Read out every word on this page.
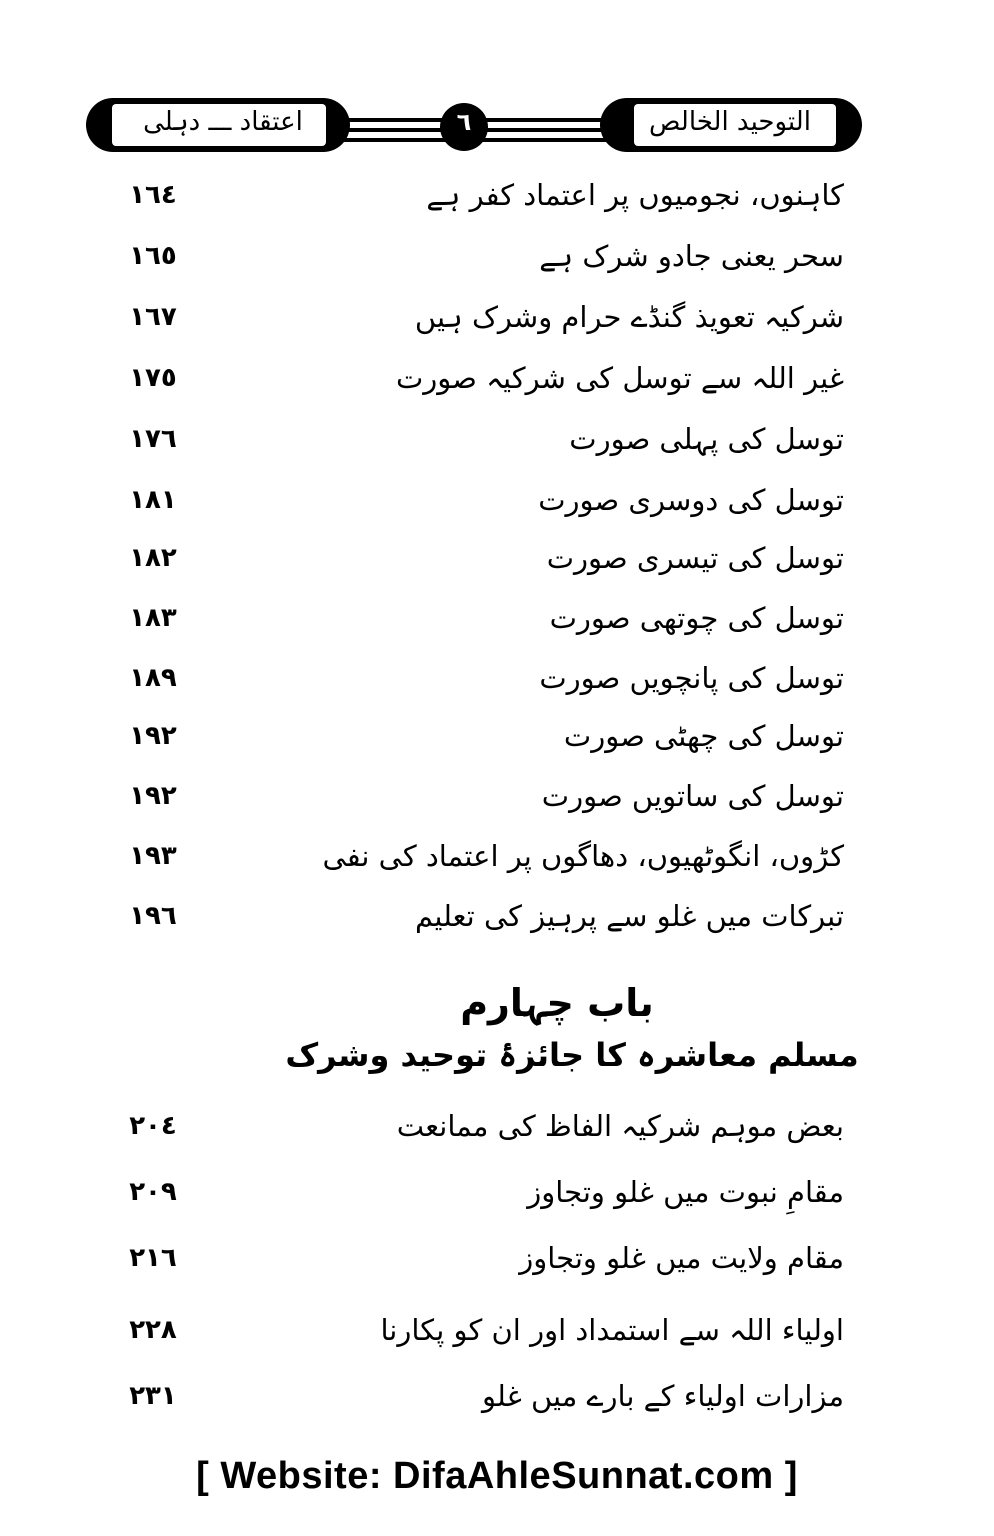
اعتقاد ـــ دہلی	٦	التوحید الخالص
کاہنوں، نجومیوں پر اعتماد کفر ہے
١٦٤
سحر یعنی جادو شرک ہے
١٦٥
شرکیہ تعویذ گنڈے حرام وشرک ہیں
١٦٧
غیر اللہ سے توسل کی شرکیہ صورت
١٧٥
توسل کی پہلی صورت
١٧٦
توسل کی دوسری صورت
١٨١
توسل کی تیسری صورت
١٨٢
توسل کی چوتھی صورت
١٨٣
توسل کی پانچویں صورت
١٨٩
توسل کی چھٹی صورت
١٩٢
توسل کی ساتویں صورت
١٩٢
کڑوں، انگوٹھیوں، دھاگوں پر اعتماد کی نفی
١٩٣
تبرکات میں غلو سے پرہیز کی تعلیم
١٩٦
باب چہارم
مسلم معاشرہ کا جائزۂ توحید وشرک
بعض موہم شرکیہ الفاظ کی ممانعت
٢٠٤
مقامِ نبوت میں غلو وتجاوز
٢٠٩
مقام ولایت میں غلو وتجاوز
٢١٦
اولیاء اللہ سے استمداد اور ان کو پکارنا
٢٢٨
مزارات اولیاء کے بارے میں غلو
٢٣١
[ Website: DifaAhleSunnat.com ]
